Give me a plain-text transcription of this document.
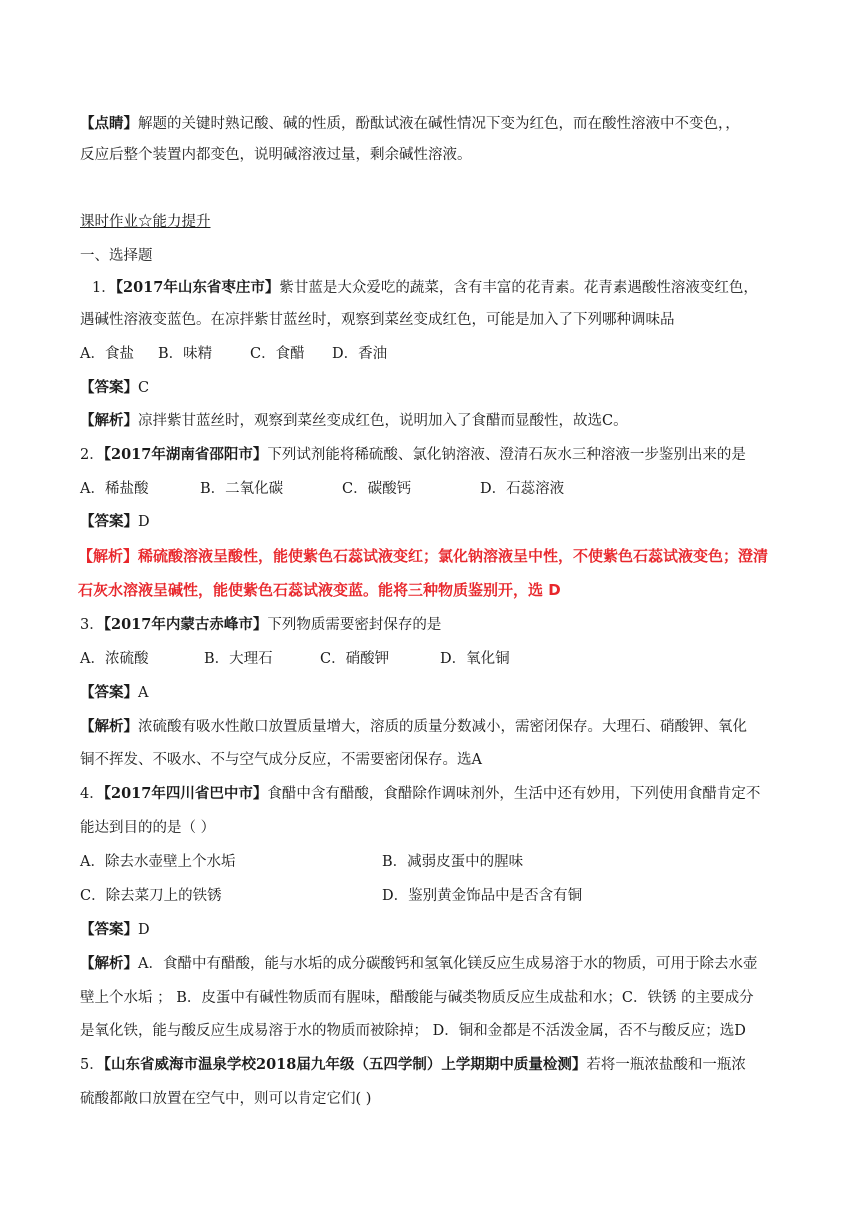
【点睛】解题的关键时熟记酸、碱的性质，酚酞试液在碱性情况下变为红色，而在酸性溶液中不变色，，
反应后整个装置内都变色，说明碱溶液过量，剩余碱性溶液。
课时作业☆能力提升
一、选择题
1．【2017年山东省枣庄市】紫甘蓝是大众爱吃的蔬菜，含有丰富的花青素。花青素遇酸性溶液变红色，
遇碱性溶液变蓝色。在凉拌紫甘蓝丝时，观察到菜丝变成红色，可能是加入了下列哪种调味品
A．食盐	B．味精	C．食醋	D．香油
【答案】C
【解析】凉拌紫甘蓝丝时，观察到菜丝变成红色，说明加入了食醋而显酸性，故选C。
2．【2017年湖南省邵阳市】下列试剂能将稀硫酸、氯化钠溶液、澄清石灰水三种溶液一步鉴别出来的是
A．稀盐酸	B．二氧化碳	C．碳酸钙	D．石蕊溶液
【答案】D
【解析】稀硫酸溶液呈酸性，能使紫色石蕊试液变红；氯化钠溶液呈中性，不使紫色石蕊试液变色；澄清
石灰水溶液呈碱性，能使紫色石蕊试液变蓝。能将三种物质鉴别开，选 D
3．【2017年内蒙古赤峰市】下列物质需要密封保存的是
A．浓硫酸	B．大理石	C．硝酸钾	D．氧化铜
【答案】A
【解析】浓硫酸有吸水性敞口放置质量增大，溶质的质量分数减小，需密闭保存。大理石、硝酸钾、氧化
铜不挥发、不吸水、不与空气成分反应，不需要密闭保存。选A
4．【2017年四川省巴中市】食醋中含有醋酸，食醋除作调味剂外，生活中还有妙用，下列使用食醋肯定不
能达到目的的是（ ）
A．除去水壶壁上个水垢	B．减弱皮蛋中的腥味
C．除去菜刀上的铁锈	D．鉴别黄金饰品中是否含有铜
【答案】D
【解析】A．食醋中有醋酸，能与水垢的成分碳酸钙和氢氧化镁反应生成易溶于水的物质，可用于除去水壶
壁上个水垢 ； B．皮蛋中有碱性物质而有腥味，醋酸能与碱类物质反应生成盐和水；C．铁锈 的主要成分
是氧化铁，能与酸反应生成易溶于水的物质而被除掉； D．铜和金都是不活泼金属，否不与酸反应；选D
5．【山东省威海市温泉学校2018届九年级（五四学制）上学期期中质量检测】若将一瓶浓盐酸和一瓶浓
硫酸都敞口放置在空气中，则可以肯定它们( )
